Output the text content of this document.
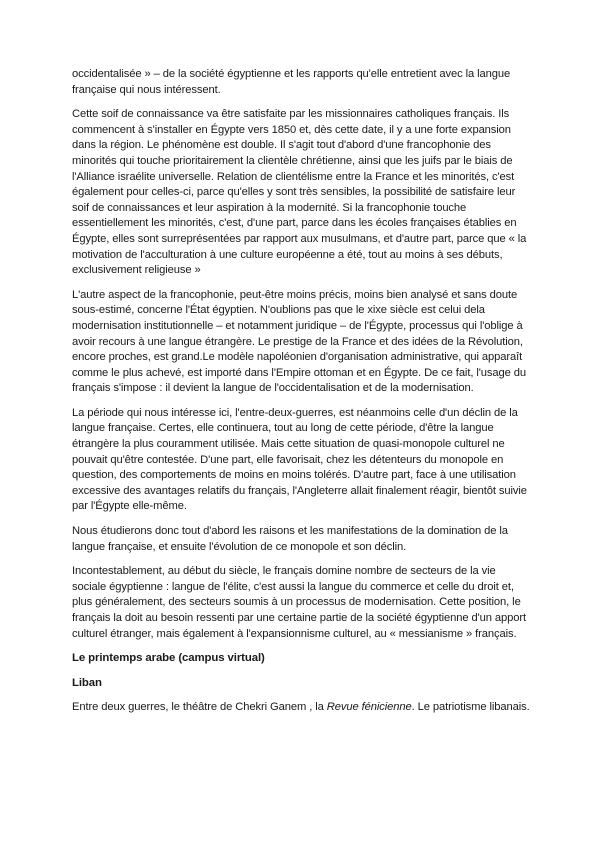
occidentalisée » – de la société égyptienne et les rapports qu'elle entretient avec la langue française qui nous intéressent.

Cette soif de connaissance va être satisfaite par les missionnaires catholiques français. Ils commencent à s'installer en Égypte vers 1850 et, dès cette date, il y a une forte expansion dans la région. Le phénomène est double. Il s'agit tout d'abord d'une francophonie des minorités qui touche prioritairement la clientèle chrétienne, ainsi que les juifs par le biais de l'Alliance israélite universelle. Relation de clientélisme entre la France et les minorités, c'est également pour celles-ci, parce qu'elles y sont très sensibles, la possibilité de satisfaire leur soif de connaissances et leur aspiration à la modernité. Si la francophonie touche essentiellement les minorités, c'est, d'une part, parce dans les écoles françaises établies en Égypte, elles sont surreprésentées par rapport aux musulmans, et d'autre part, parce que « la motivation de l'acculturation à une culture européenne a été, tout au moins à ses débuts, exclusivement religieuse »

L'autre aspect de la francophonie, peut-être moins précis, moins bien analysé et sans doute sous-estimé, concerne l'État égyptien. N'oublions pas que le xixe siècle est celui dela modernisation institutionnelle – et notamment juridique – de l'Égypte, processus qui l'oblige à avoir recours à une langue étrangère. Le prestige de la France et des idées de la Révolution, encore proches, est grand.Le modèle napoléonien d'organisation administrative, qui apparaît comme le plus achevé, est importé dans l'Empire ottoman et en Égypte. De ce fait, l'usage du français s'impose : il devient la langue de l'occidentalisation et de la modernisation.

La période qui nous intéresse ici, l'entre-deux-guerres, est néanmoins celle d'un déclin de la langue française. Certes, elle continuera, tout au long de cette période, d'être la langue étrangère la plus couramment utilisée. Mais cette situation de quasi-monopole culturel ne pouvait qu'être contestée. D'une part, elle favorisait, chez les détenteurs du monopole en question, des comportements de moins en moins tolérés. D'autre part, face à une utilisation excessive des avantages relatifs du français, l'Angleterre allait finalement réagir, bientôt suivie par l'Égypte elle-même.

Nous étudierons donc tout d'abord les raisons et les manifestations de la domination de la langue française, et ensuite l'évolution de ce monopole et son déclin.

Incontestablement, au début du siècle, le français domine nombre de secteurs de la vie sociale égyptienne : langue de l'élite, c'est aussi la langue du commerce et celle du droit et, plus généralement, des secteurs soumis à un processus de modernisation. Cette position, le français la doit au besoin ressenti par une certaine partie de la société égyptienne d'un apport culturel étranger, mais également à l'expansionnisme culturel, au « messianisme » français.

Le printemps arabe (campus virtual)

Liban

Entre deux guerres, le théâtre de Chekri Ganem , la Revue fénicienne. Le patriotisme libanais.
